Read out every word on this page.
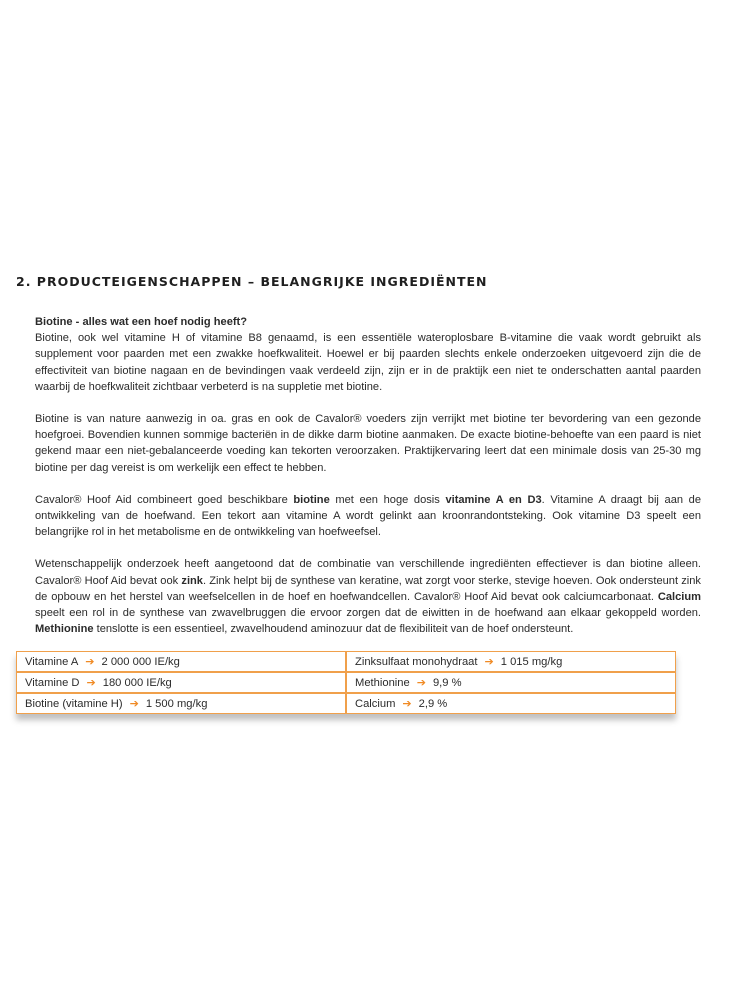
2. PRODUCTEIGENSCHAPPEN – BELANGRIJKE INGREDIËNTEN

Biotine - alles wat een hoef nodig heeft?

Biotine, ook wel vitamine H of vitamine B8 genaamd, is een essentiële wateroplosbare B-vitamine die vaak wordt gebruikt als supplement voor paarden met een zwakke hoefkwaliteit. Hoewel er bij paarden slechts enkele onderzoeken uitgevoerd zijn die de effectiviteit van biotine nagaan en de bevindingen vaak verdeeld zijn, zijn er in de praktijk een niet te onderschatten aantal paarden waarbij de hoefkwaliteit zichtbaar verbeterd is na suppletie met biotine.

Biotine is van nature aanwezig in oa. gras en ook de Cavalor® voeders zijn verrijkt met biotine ter bevordering van een gezonde hoefgroei. Bovendien kunnen sommige bacteriën in de dikke darm biotine aanmaken. De exacte biotine-behoefte van een paard is niet gekend maar een niet-gebalanceerde voeding kan tekorten veroorzaken. Praktijkervaring leert dat een minimale dosis van 25-30 mg biotine per dag vereist is om werkelijk een effect te hebben.

Cavalor® Hoof Aid combineert goed beschikbare biotine met een hoge dosis vitamine A en D3. Vitamine A draagt bij aan de ontwikkeling van de hoefwand. Een tekort aan vitamine A wordt gelinkt aan kroonrandontsteking. Ook vitamine D3 speelt een belangrijke rol in het metabolisme en de ontwikkeling van hoefweefsel.

Wetenschappelijk onderzoek heeft aangetoond dat de combinatie van verschillende ingrediënten effectiever is dan biotine alleen. Cavalor® Hoof Aid bevat ook zink. Zink helpt bij de synthese van keratine, wat zorgt voor sterke, stevige hoeven. Ook ondersteunt zink de opbouw en het herstel van weefselcellen in de hoef en hoefwandcellen. Cavalor® Hoof Aid bevat ook calciumcarbonaat. Calcium speelt een rol in de synthese van zwavelbruggen die ervoor zorgen dat de eiwitten in de hoefwand aan elkaar gekoppeld worden. Methionine tenslotte is een essentieel, zwavelhoudend aminozuur dat de flexibiliteit van de hoef ondersteunt.

Vitamine A ➔ 2 000 000 IE/kg	Zinksulfaat monohydraat ➔ 1 015 mg/kg
Vitamine D ➔ 180 000 IE/kg	Methionine ➔ 9,9 %
Biotine (vitamine H) ➔ 1 500 mg/kg	Calcium ➔ 2,9 %
